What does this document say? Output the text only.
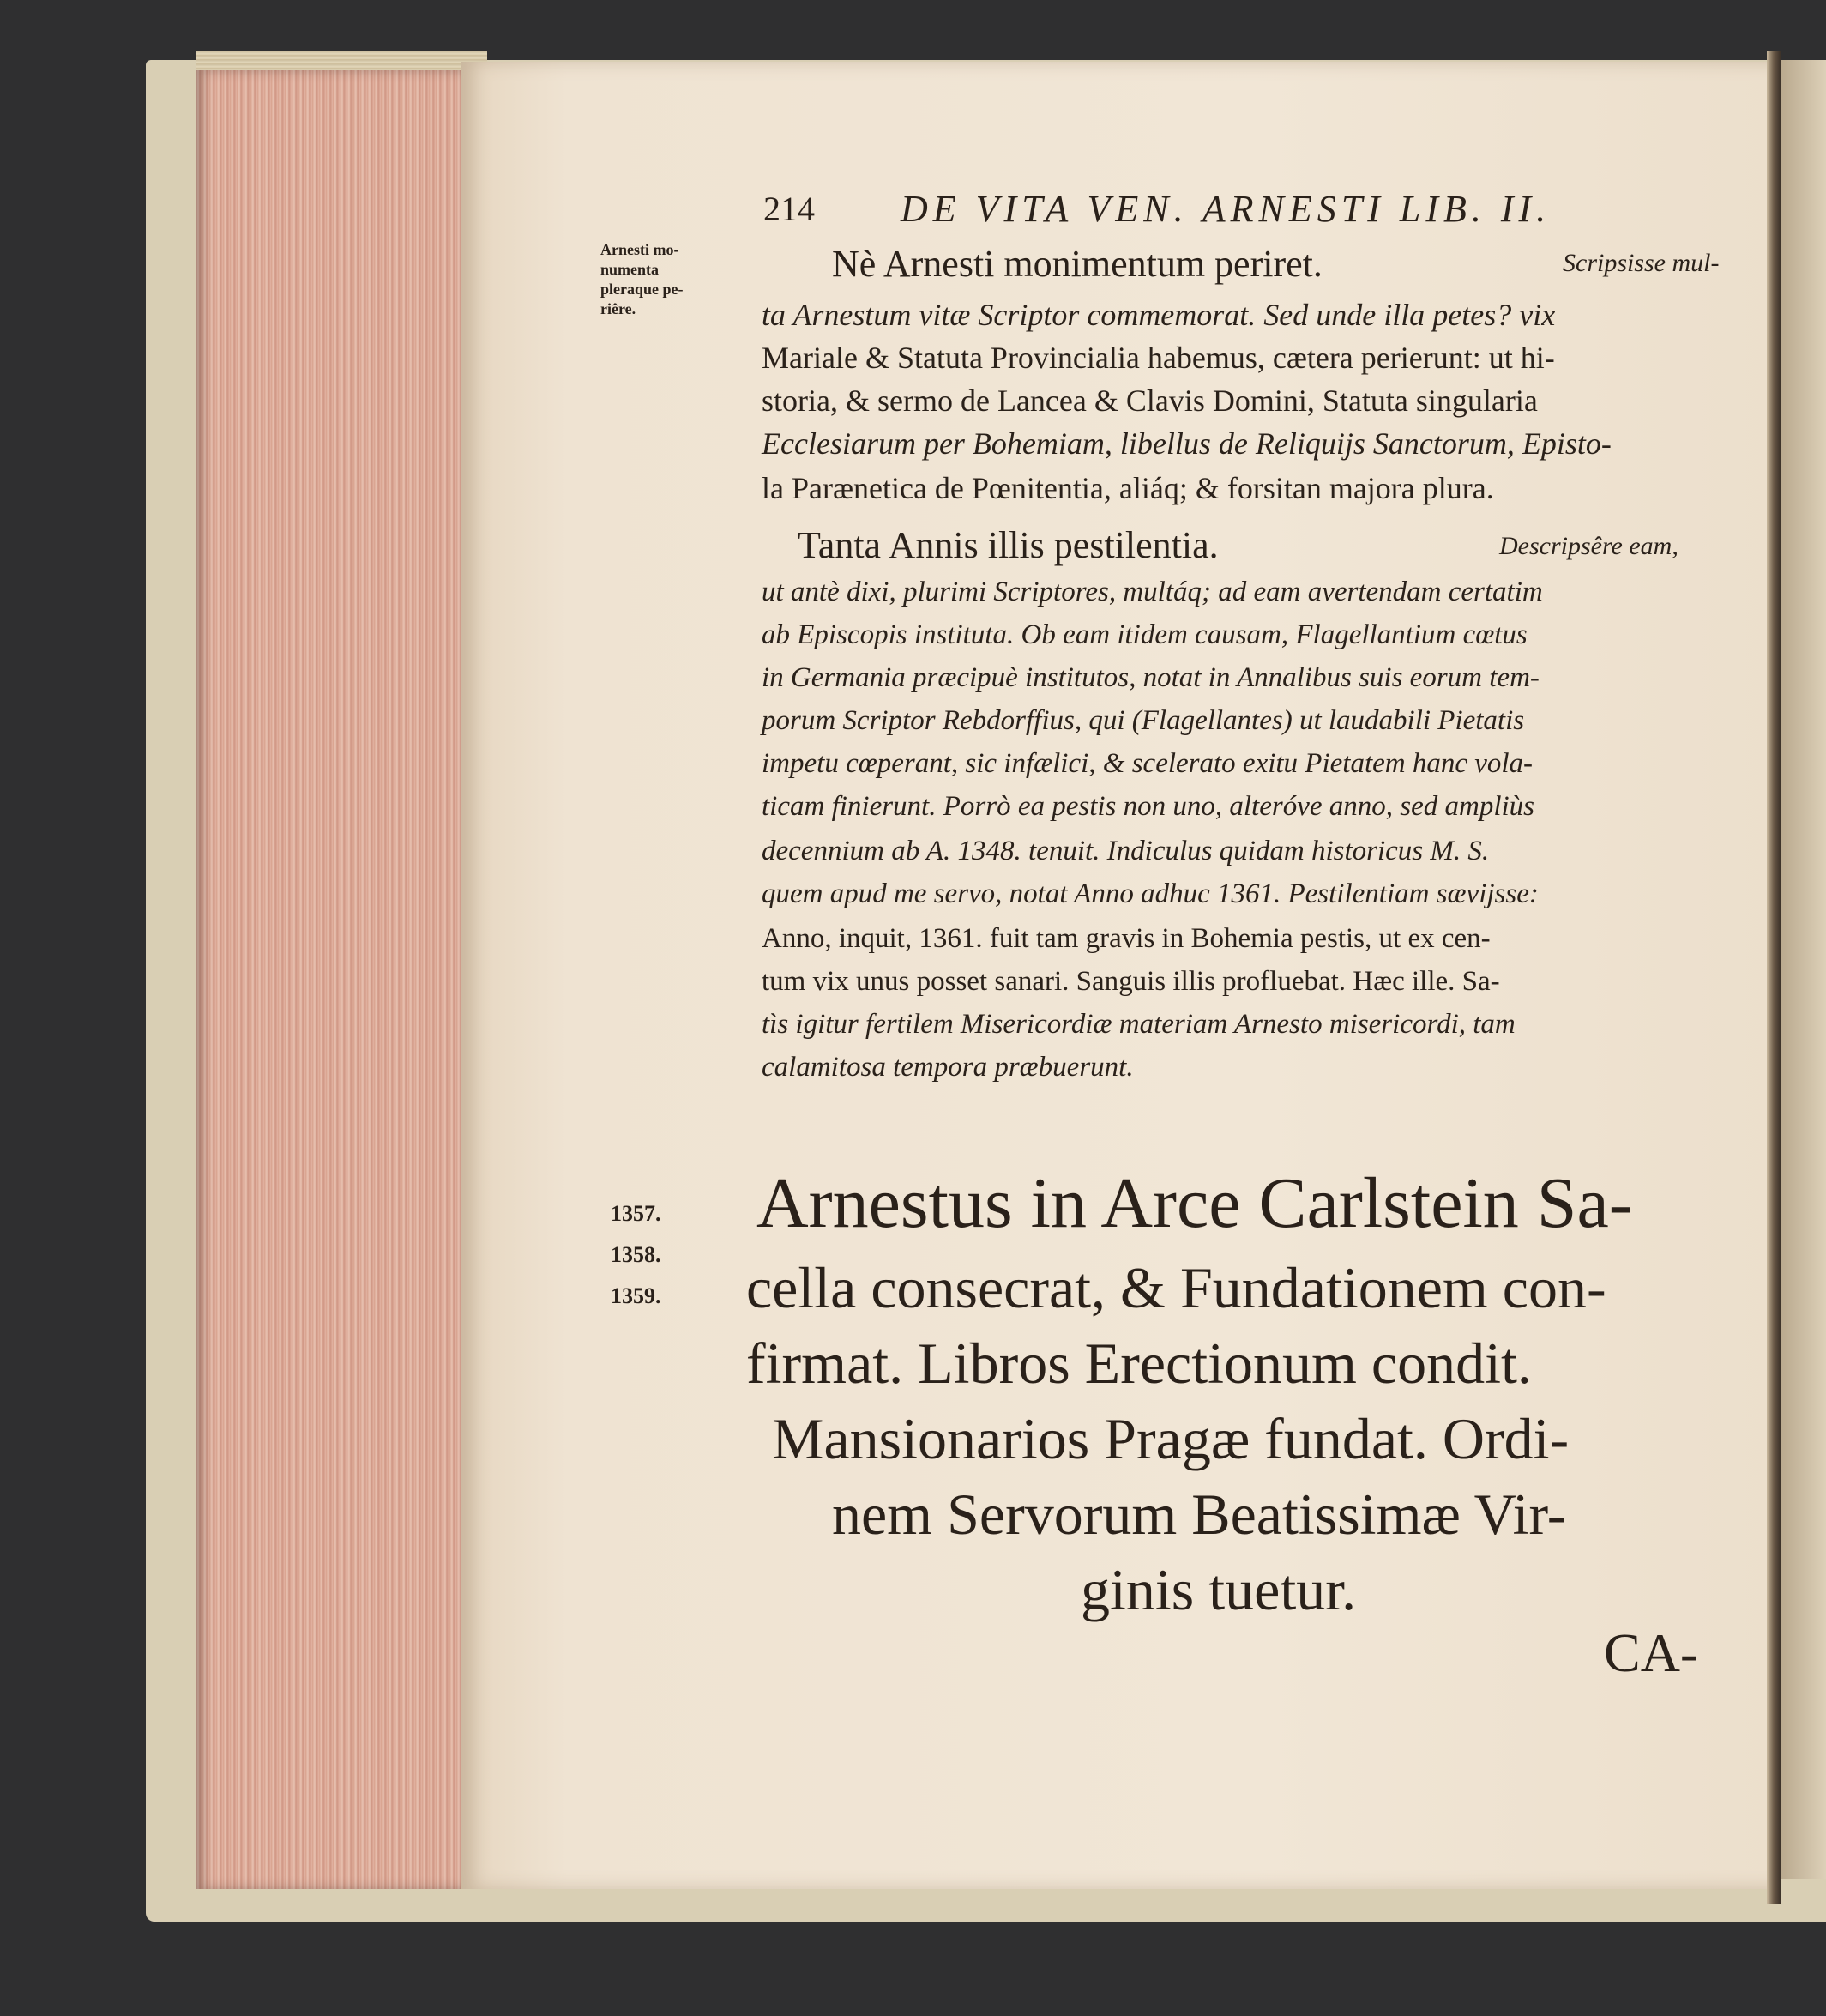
214 DE VITA VEN. ARNESTI LIB. II.

Arnesti mo-

numenta

pleraque pe-

riêre.

Nè Arnesti monimentum periret.	Scripsisse mul-

ta Arnestum vitæ Scriptor commemorat. Sed unde illa petes? vix

Mariale & Statuta Provincialia habemus, cætera perierunt: ut hi-

storia, & sermo de Lancea & Clavis Domini, Statuta singularia

Ecclesiarum per Bohemiam, libellus de Reliquijs Sanctorum, Episto-

la Parænetica de Pœnitentia, aliáq; & forsitan majora plura.

Tanta Annis illis pestilentia.	Descripsêre eam,

ut antè dixi, plurimi Scriptores, multáq; ad eam avertendam certatim

ab Episcopis instituta. Ob eam itidem causam, Flagellantium cœtus

in Germania præcipuè institutos, notat in Annalibus suis eorum tem-

porum Scriptor Rebdorffius, qui (Flagellantes) ut laudabili Pietatis

impetu cœperant, sic infælici, & scelerato exitu Pietatem hanc vola-

ticam finierunt. Porrò ea pestis non uno, alteróve anno, sed ampliùs

decennium ab A. 1348. tenuit. Indiculus quidam historicus M. S.

quem apud me servo, notat Anno adhuc 1361. Pestilentiam sævijsse:

Anno, inquit, 1361. fuit tam gravis in Bohemia pestis, ut ex cen-

tum vix unus posset sanari. Sanguis illis profluebat. Hæc ille. Sa-

tìs igitur fertilem Misericordiæ materiam Arnesto misericordi, tam

calamitosa tempora præbuerunt.

1357.

1358.

1359.

Arnestus in Arce Carlstein Sa-

cella consecrat, & Fundationem con-

firmat. Libros Erectionum condit.

Mansionarios Pragæ fundat. Ordi-

nem Servorum Beatissimæ Vir-

ginis tuetur.

CA-
